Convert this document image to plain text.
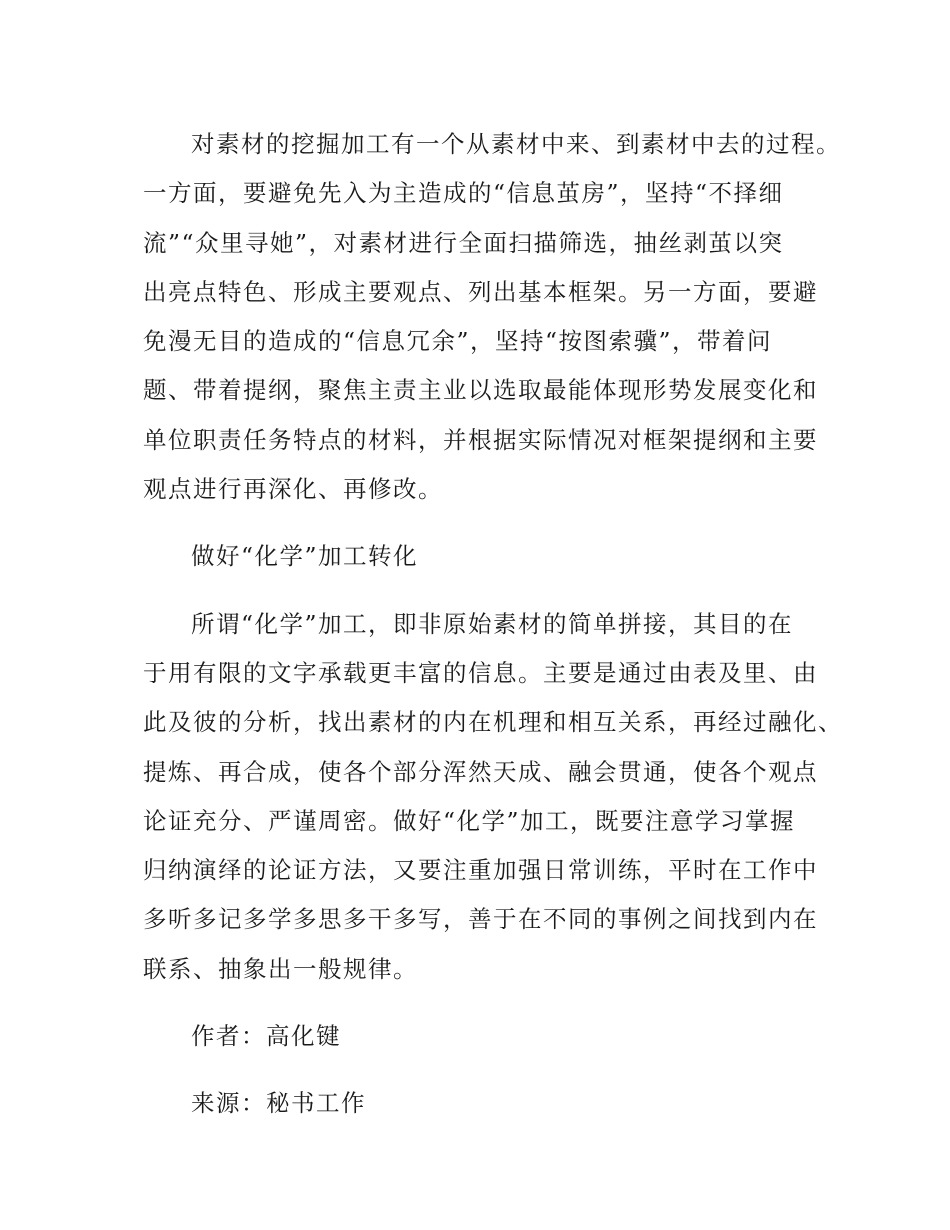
对素材的挖掘加工有一个从素材中来、到素材中去的过程。
一方面，要避免先入为主造成的“信息茧房”，坚持“不择细
流”“众里寻她”，对素材进行全面扫描筛选，抽丝剥茧以突
出亮点特色、形成主要观点、列出基本框架。另一方面，要避
免漫无目的造成的“信息冗余”，坚持“按图索骥”，带着问
题、带着提纲，聚焦主责主业以选取最能体现形势发展变化和
单位职责任务特点的材料，并根据实际情况对框架提纲和主要
观点进行再深化、再修改。

做好“化学”加工转化

所谓“化学”加工，即非原始素材的简单拼接，其目的在
于用有限的文字承载更丰富的信息。主要是通过由表及里、由
此及彼的分析，找出素材的内在机理和相互关系，再经过融化、
提炼、再合成，使各个部分浑然天成、融会贯通，使各个观点
论证充分、严谨周密。做好“化学”加工，既要注意学习掌握
归纳演绎的论证方法，又要注重加强日常训练，平时在工作中
多听多记多学多思多干多写，善于在不同的事例之间找到内在
联系、抽象出一般规律。

作者：高化键

来源：秘书工作
